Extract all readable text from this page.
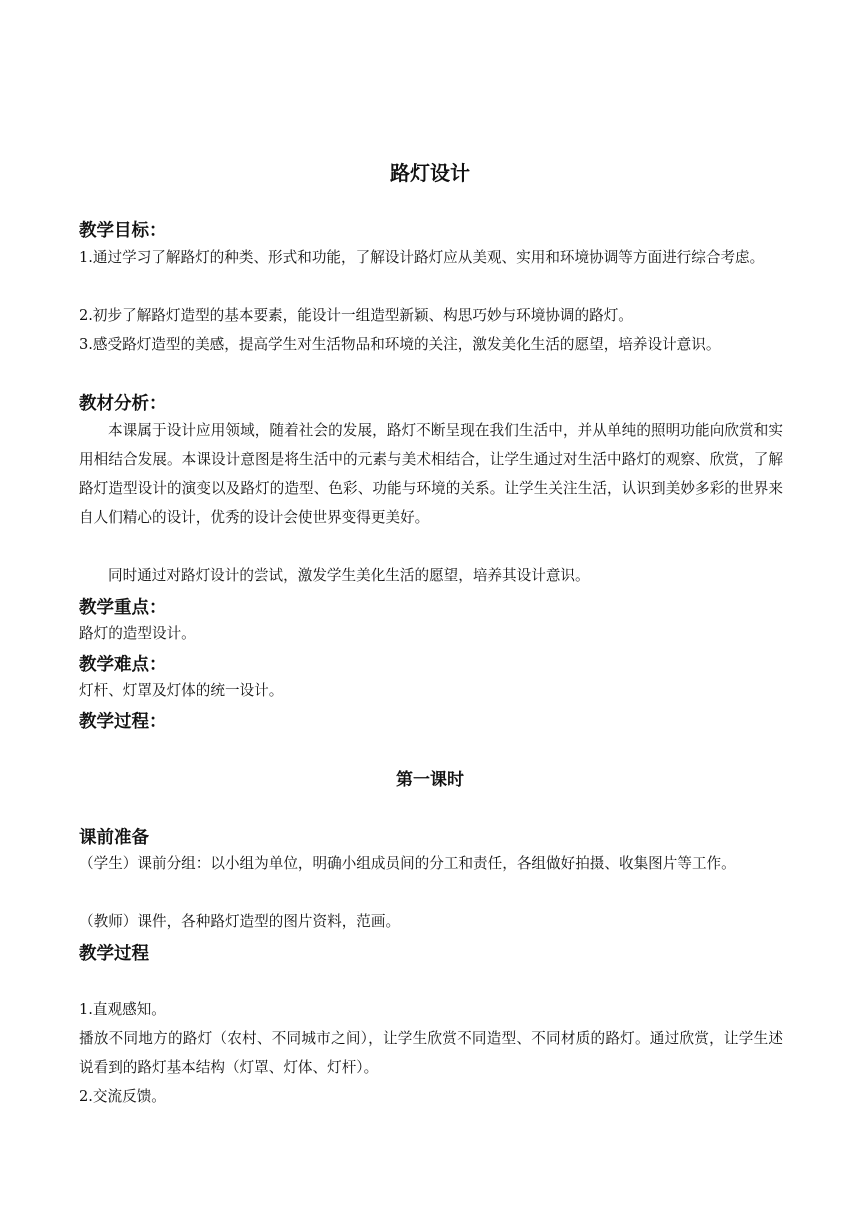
路灯设计
教学目标：
1.通过学习了解路灯的种类、形式和功能，了解设计路灯应从美观、实用和环境协调等方面进行综合考虑。
2.初步了解路灯造型的基本要素，能设计一组造型新颖、构思巧妙与环境协调的路灯。
3.感受路灯造型的美感，提高学生对生活物品和环境的关注，激发美化生活的愿望，培养设计意识。
教材分析：
本课属于设计应用领域，随着社会的发展，路灯不断呈现在我们生活中，并从单纯的照明功能向欣赏和实用相结合发展。本课设计意图是将生活中的元素与美术相结合，让学生通过对生活中路灯的观察、欣赏，了解路灯造型设计的演变以及路灯的造型、色彩、功能与环境的关系。让学生关注生活，认识到美妙多彩的世界来自人们精心的设计，优秀的设计会使世界变得更美好。
同时通过对路灯设计的尝试，激发学生美化生活的愿望，培养其设计意识。
教学重点：
路灯的造型设计。
教学难点：
灯杆、灯罩及灯体的统一设计。
教学过程：
第一课时
课前准备
（学生）课前分组：以小组为单位，明确小组成员间的分工和责任，各组做好拍摄、收集图片等工作。
（教师）课件，各种路灯造型的图片资料，范画。
教学过程
1.直观感知。
播放不同地方的路灯（农村、不同城市之间），让学生欣赏不同造型、不同材质的路灯。通过欣赏，让学生述说看到的路灯基本结构（灯罩、灯体、灯杆）。
2.交流反馈。
